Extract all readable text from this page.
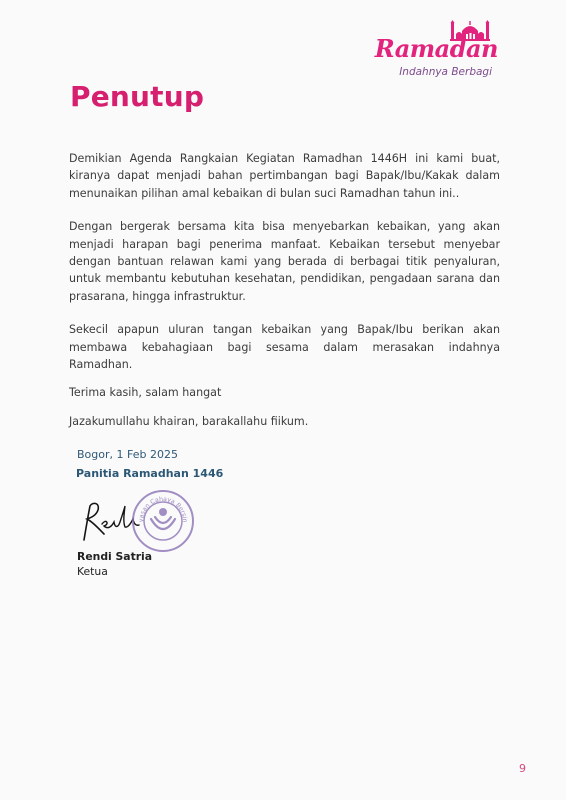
Ramadan
Indahnya Berbagi
Penutup

Demikian Agenda Rangkaian Kegiatan Ramadhan 1446H ini kami buat, kiranya dapat menjadi bahan pertimbangan bagi Bapak/Ibu/Kakak dalam menunaikan pilihan amal kebaikan di bulan suci Ramadhan tahun ini..

Dengan bergerak bersama kita bisa menyebarkan kebaikan, yang akan menjadi harapan bagi penerima manfaat. Kebaikan tersebut menyebar dengan bantuan relawan kami yang berada di berbagai titik penyaluran, untuk membantu kebutuhan kesehatan, pendidikan, pengadaan sarana dan prasarana, hingga infrastruktur.

Sekecil apapun uluran tangan kebaikan yang Bapak/Ibu berikan akan membawa kebahagiaan bagi sesama dalam merasakan indahnya Ramadhan.

Terima kasih, salam hangat

Jazakumullahu khairan, barakallahu fiikum.

Bogor, 1 Feb 2025
Panitia Ramadhan 1446
yasan Cahaya Bersin
Rendi Satria
Ketua
9
